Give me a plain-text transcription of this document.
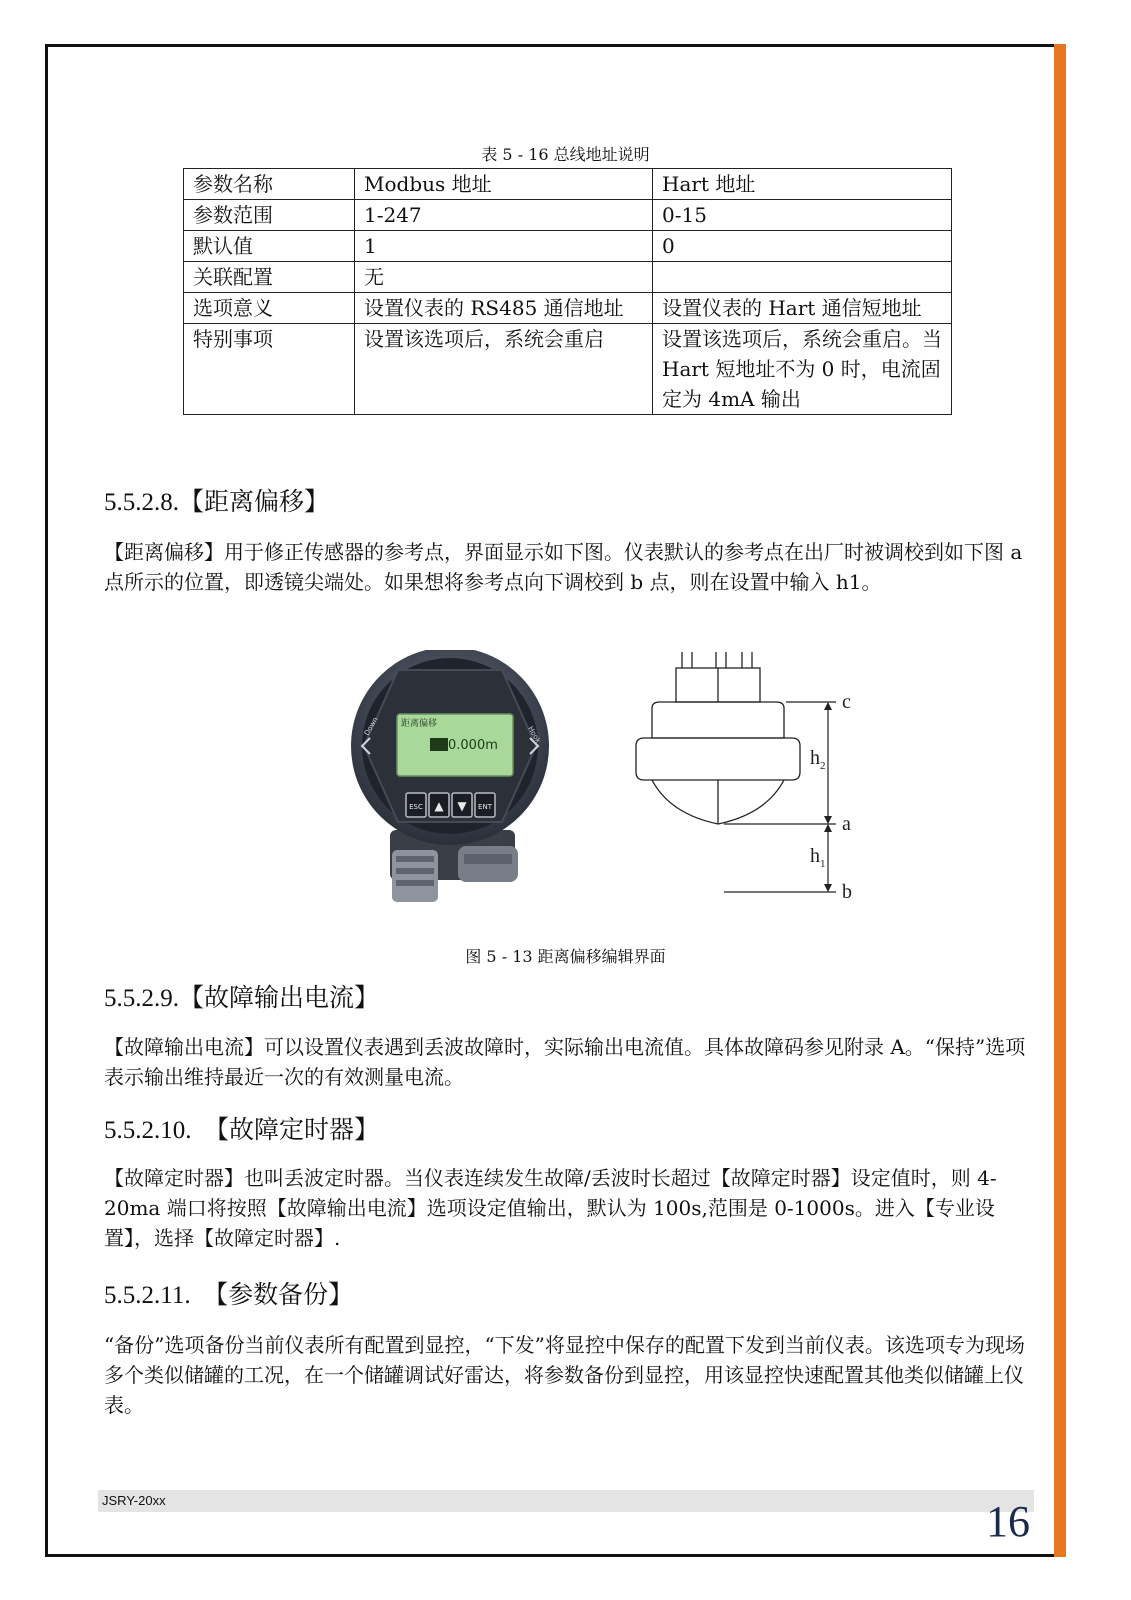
表 5 - 16 总线地址说明
参数名称	Modbus 地址	Hart 地址
参数范围	1-247	0-15
默认值	1	0
关联配置	无	
选项意义	设置仪表的 RS485 通信地址	设置仪表的 Hart 通信短地址
特别事项	设置该选项后，系统会重启	设置该选项后，系统会重启。当 Hart 短地址不为 0 时，电流固定为 4mA 输出
5.5.2.8.【距离偏移】
【距离偏移】用于修正传感器的参考点，界面显示如下图。仪表默认的参考点在出厂时被调校到如下图 a 点所示的位置，即透镜尖端处。如果想将参考点向下调校到 b 点，则在设置中输入 h1。
距离偏移
0.000m
Down	Hook
ESC ▲ ▼ ENT
c
a
b
$h_2$
$h_1$
图 5 - 13 距离偏移编辑界面
5.5.2.9.【故障输出电流】
【故障输出电流】可以设置仪表遇到丢波故障时，实际输出电流值。具体故障码参见附录 A。“保持”选项表示输出维持最近一次的有效测量电流。
5.5.2.10.　【故障定时器】
【故障定时器】也叫丢波定时器。当仪表连续发生故障/丢波时长超过【故障定时器】设定值时，则 4-20ma 端口将按照【故障输出电流】选项设定值输出，默认为 100s,范围是 0-1000s。进入【专业设置】，选择【故障定时器】.
5.5.2.11.　【参数备份】
“备份”选项备份当前仪表所有配置到显控，“下发”将显控中保存的配置下发到当前仪表。该选项专为现场多个类似储罐的工况，在一个储罐调试好雷达，将参数备份到显控，用该显控快速配置其他类似储罐上仪表。
JSRY-20xx	16
